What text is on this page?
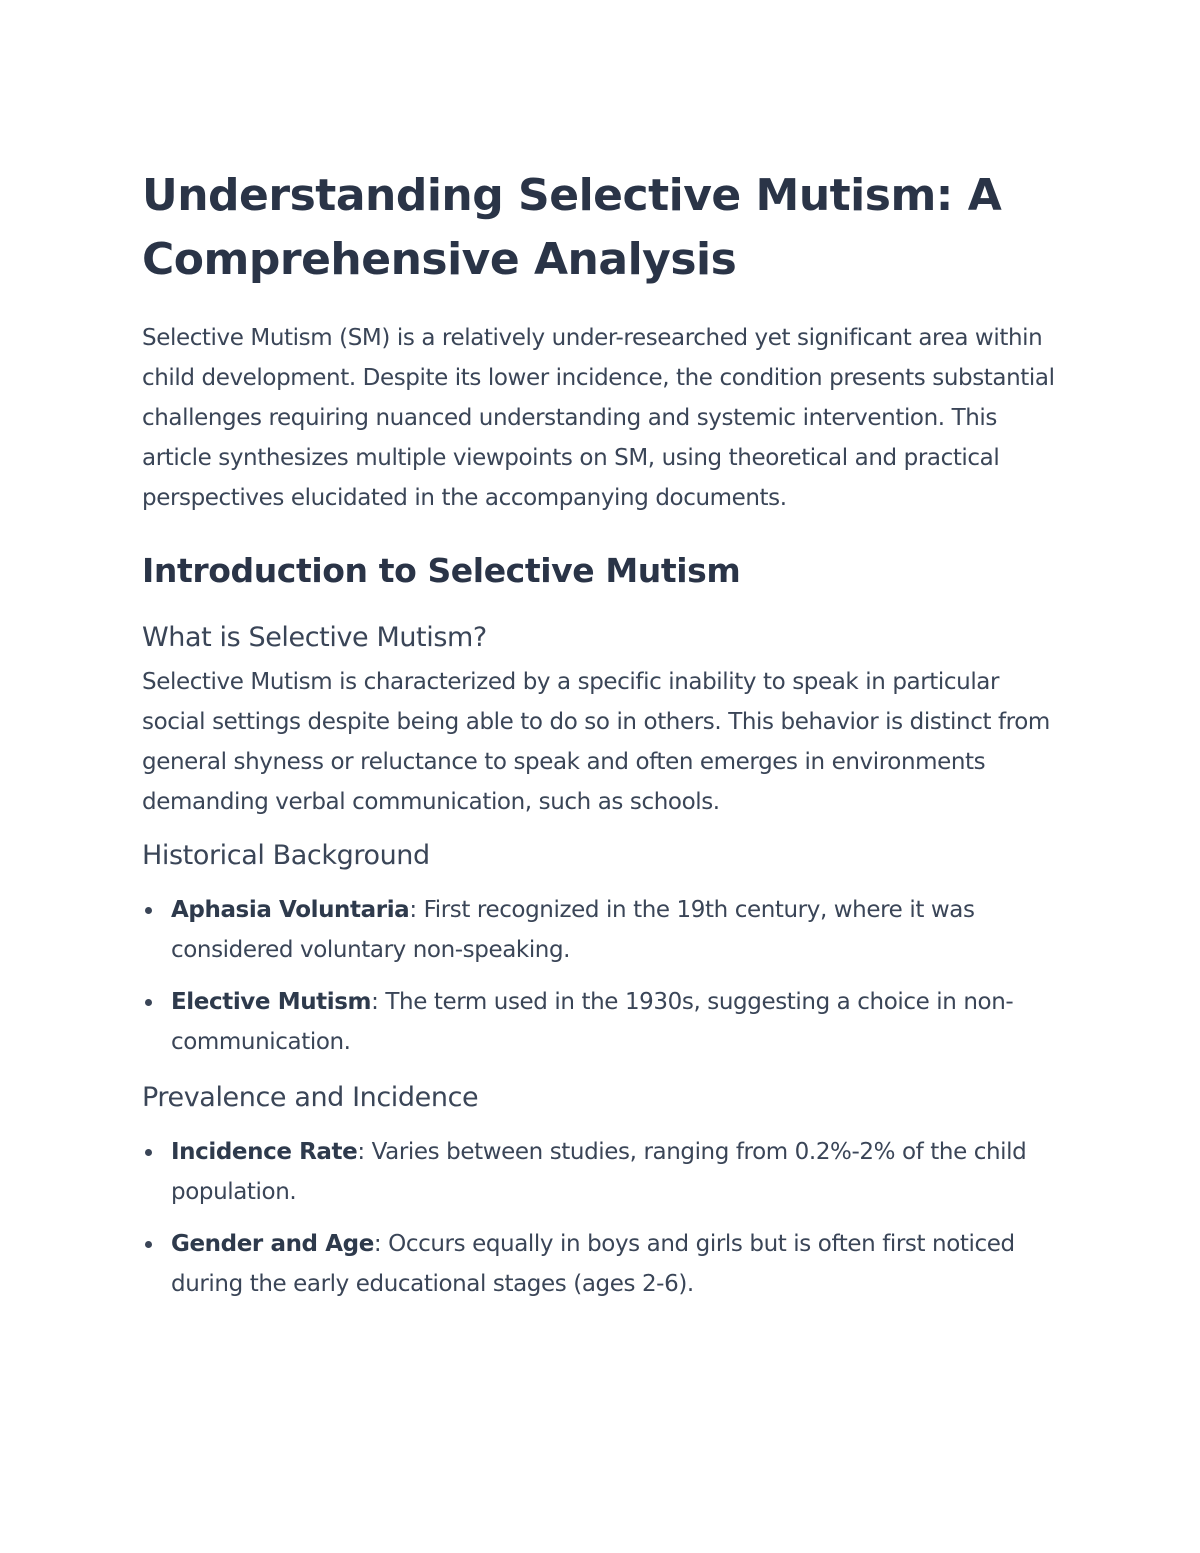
Understanding Selective Mutism: A Comprehensive Analysis

Selective Mutism (SM) is a relatively under-researched yet significant area within child development. Despite its lower incidence, the condition presents substantial challenges requiring nuanced understanding and systemic intervention. This article synthesizes multiple viewpoints on SM, using theoretical and practical perspectives elucidated in the accompanying documents.

Introduction to Selective Mutism
What is Selective Mutism?

Selective Mutism is characterized by a specific inability to speak in particular social settings despite being able to do so in others. This behavior is distinct from general shyness or reluctance to speak and often emerges in environments demanding verbal communication, such as schools.

Historical Background
Aphasia Voluntaria: First recognized in the 19th century, where it was considered voluntary non-speaking.
Elective Mutism: The term used in the 1930s, suggesting a choice in non-communication.
Prevalence and Incidence
Incidence Rate: Varies between studies, ranging from 0.2%-2% of the child population.
Gender and Age: Occurs equally in boys and girls but is often first noticed during the early educational stages (ages 2-6).
